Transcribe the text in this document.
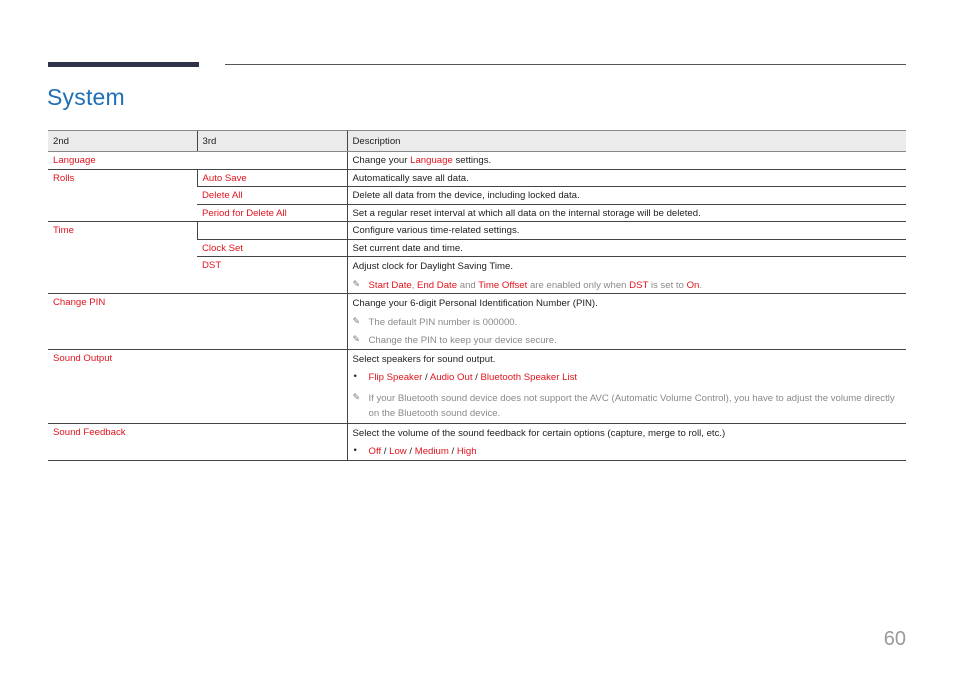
System
2nd	3rd	Description
Language		Change your Language settings.
Rolls	Auto Save	Automatically save all data.
	Delete All	Delete all data from the device, including locked data.
	Period for Delete All	Set a regular reset interval at which all data on the internal storage will be deleted.
Time		Configure various time-related settings.
	Clock Set	Set current date and time.
	DST	Adjust clock for Daylight Saving Time.
✎ Start Date, End Date and Time Offset are enabled only when DST is set to On.

Change PIN		Change your 6-digit Personal Identification Number (PIN).
✎ The default PIN number is 000000.
✎ Change the PIN to keep your device secure.

Sound Output		Select speakers for sound output.
• Flip Speaker / Audio Out / Bluetooth Speaker List
✎ If your Bluetooth sound device does not support the AVC (Automatic Volume Control), you have to adjust the volume directly on the Bluetooth sound device.

Sound Feedback		Select the volume of the sound feedback for certain options (capture, merge to roll, etc.)
• Off / Low / Medium / High
60
